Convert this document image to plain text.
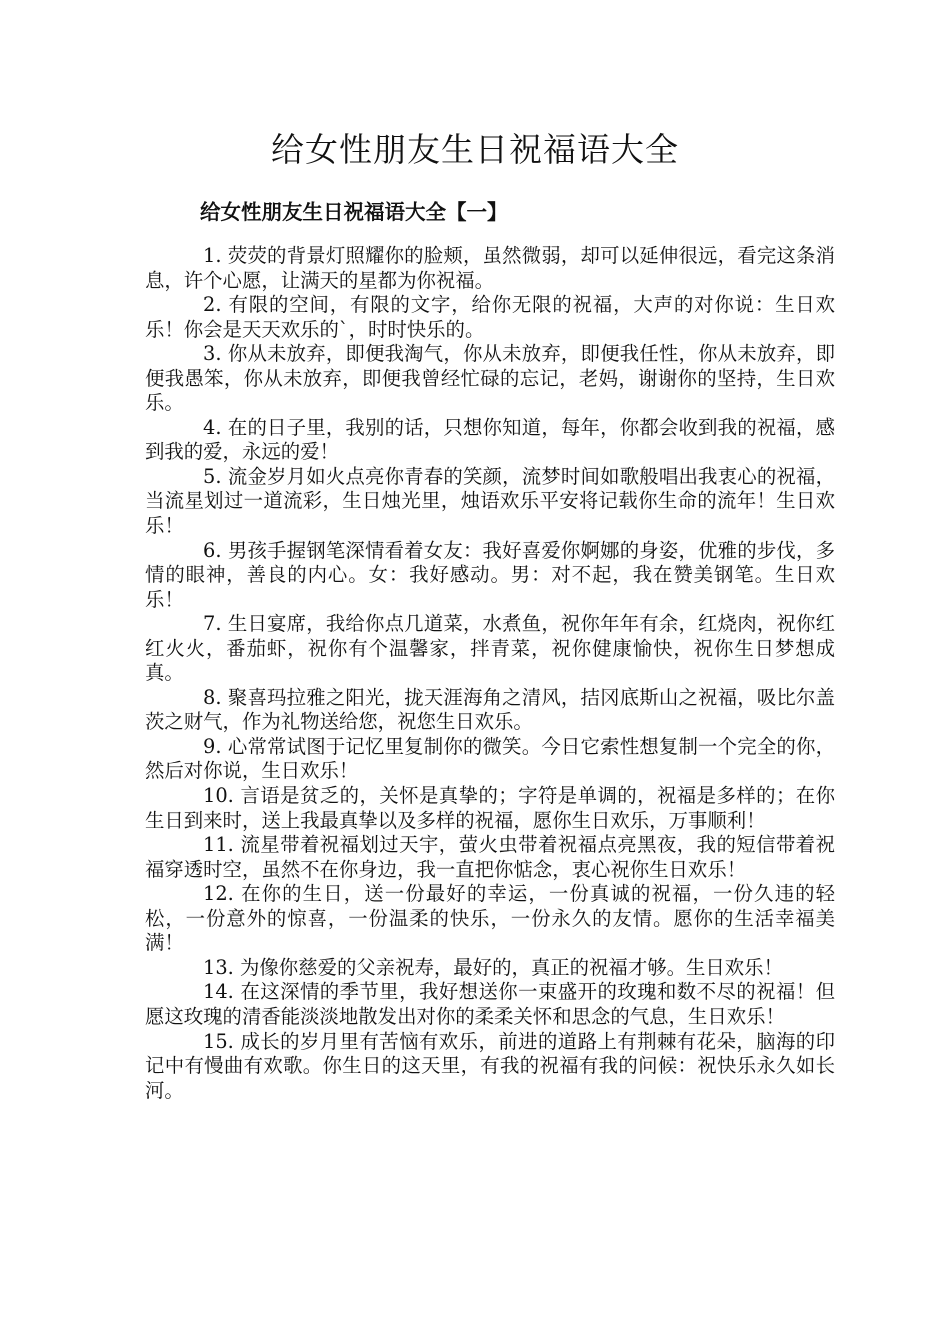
给女性朋友生日祝福语大全
给女性朋友生日祝福语大全【一】

1. 荧荧的背景灯照耀你的脸颊，虽然微弱，却可以延伸很远，看完这条消息，许个心愿，让满天的星都为你祝福。

2. 有限的空间，有限的文字，给你无限的祝福，大声的对你说：生日欢乐！你会是天天欢乐的`，时时快乐的。

3. 你从未放弃，即便我淘气，你从未放弃，即便我任性，你从未放弃，即便我愚笨，你从未放弃，即便我曾经忙碌的忘记，老妈，谢谢你的坚持，生日欢乐。

4. 在的日子里，我别的话，只想你知道，每年，你都会收到我的祝福，感到我的爱，永远的爱！

5. 流金岁月如火点亮你青春的笑颜，流梦时间如歌般唱出我衷心的祝福，当流星划过一道流彩，生日烛光里，烛语欢乐平安将记载你生命的流年！生日欢乐！

6. 男孩手握钢笔深情看着女友：我好喜爱你婀娜的身姿，优雅的步伐，多情的眼神，善良的内心。女：我好感动。男：对不起，我在赞美钢笔。生日欢乐！

7. 生日宴席，我给你点几道菜，水煮鱼，祝你年年有余，红烧肉，祝你红红火火，番茄虾，祝你有个温馨家，拌青菜，祝你健康愉快，祝你生日梦想成真。

8. 聚喜玛拉雅之阳光，拢天涯海角之清风，拮冈底斯山之祝福，吸比尔盖茨之财气，作为礼物送给您，祝您生日欢乐。

9. 心常常试图于记忆里复制你的微笑。今日它索性想复制一个完全的你，然后对你说，生日欢乐！

10. 言语是贫乏的，关怀是真挚的；字符是单调的，祝福是多样的；在你生日到来时，送上我最真挚以及多样的祝福，愿你生日欢乐，万事顺利！

11. 流星带着祝福划过天宇，萤火虫带着祝福点亮黑夜，我的短信带着祝福穿透时空，虽然不在你身边，我一直把你惦念，衷心祝你生日欢乐！

12. 在你的生日，送一份最好的幸运，一份真诚的祝福，一份久违的轻松，一份意外的惊喜，一份温柔的快乐，一份永久的友情。愿你的生活幸福美满！

13. 为像你慈爱的父亲祝寿，最好的，真正的祝福才够。生日欢乐！

14. 在这深情的季节里，我好想送你一束盛开的玫瑰和数不尽的祝福！但愿这玫瑰的清香能淡淡地散发出对你的柔柔关怀和思念的气息，生日欢乐！

15. 成长的岁月里有苦恼有欢乐，前进的道路上有荆棘有花朵，脑海的印记中有慢曲有欢歌。你生日的这天里，有我的祝福有我的问候：祝快乐永久如长河。
